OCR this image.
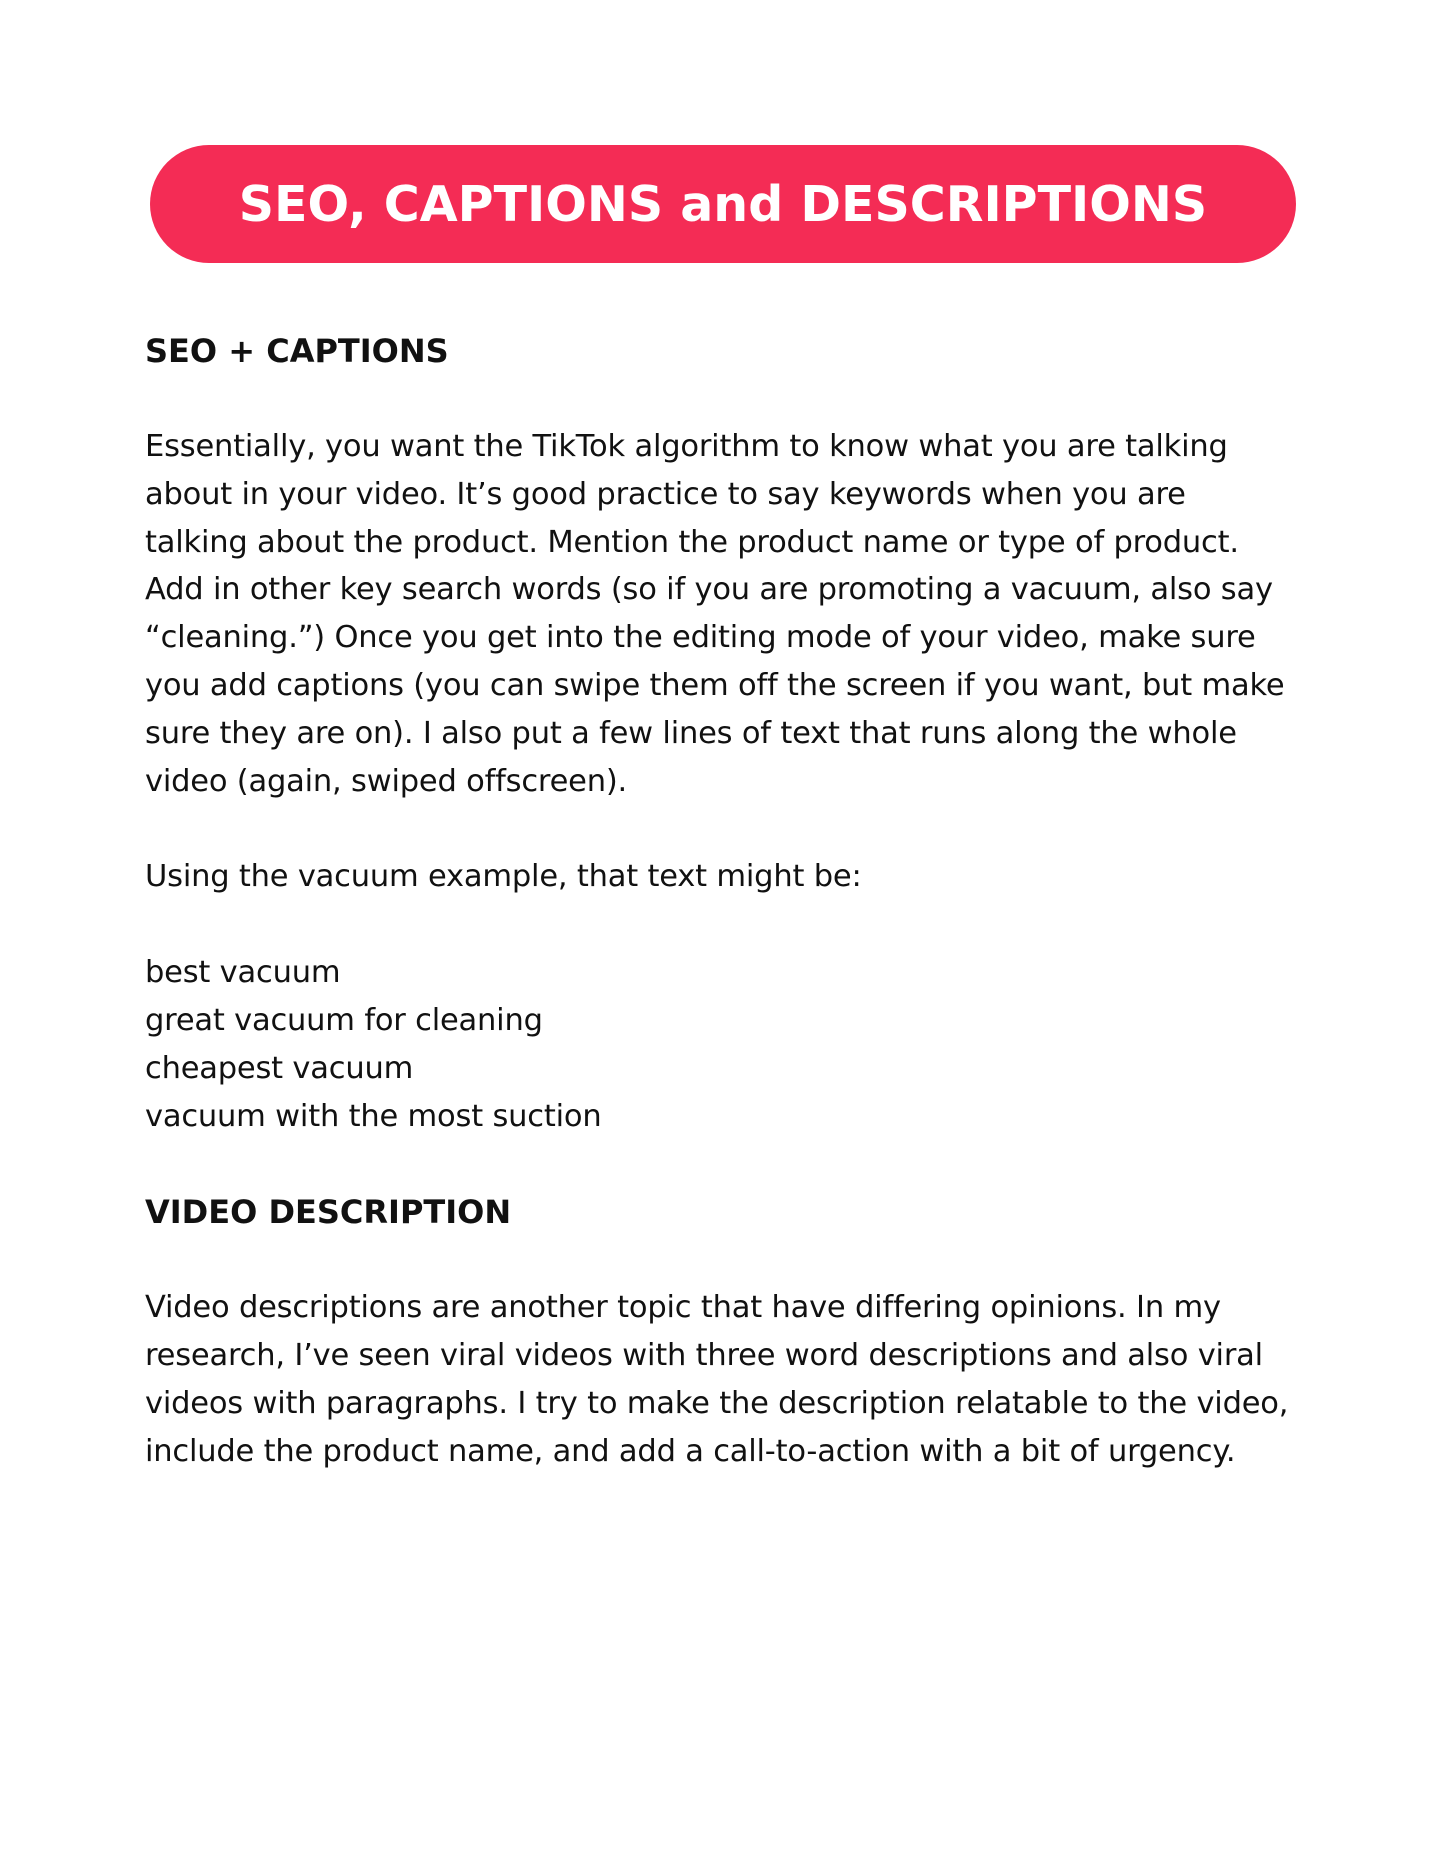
SEO, CAPTIONS and DESCRIPTIONS
SEO + CAPTIONS
Essentially, you want the TikTok algorithm to know what you are talking
about in your video. It’s good practice to say keywords when you are
talking about the product. Mention the product name or type of product.
Add in other key search words (so if you are promoting a vacuum, also say
“cleaning.”) Once you get into the editing mode of your video, make sure
you add captions (you can swipe them off the screen if you want, but make
sure they are on). I also put a few lines of text that runs along the whole
video (again, swiped offscreen).
Using the vacuum example, that text might be:
best vacuum
great vacuum for cleaning
cheapest vacuum
vacuum with the most suction
VIDEO DESCRIPTION
Video descriptions are another topic that have differing opinions. In my
research, I’ve seen viral videos with three word descriptions and also viral
videos with paragraphs. I try to make the description relatable to the video,
include the product name, and add a call-to-action with a bit of urgency.
